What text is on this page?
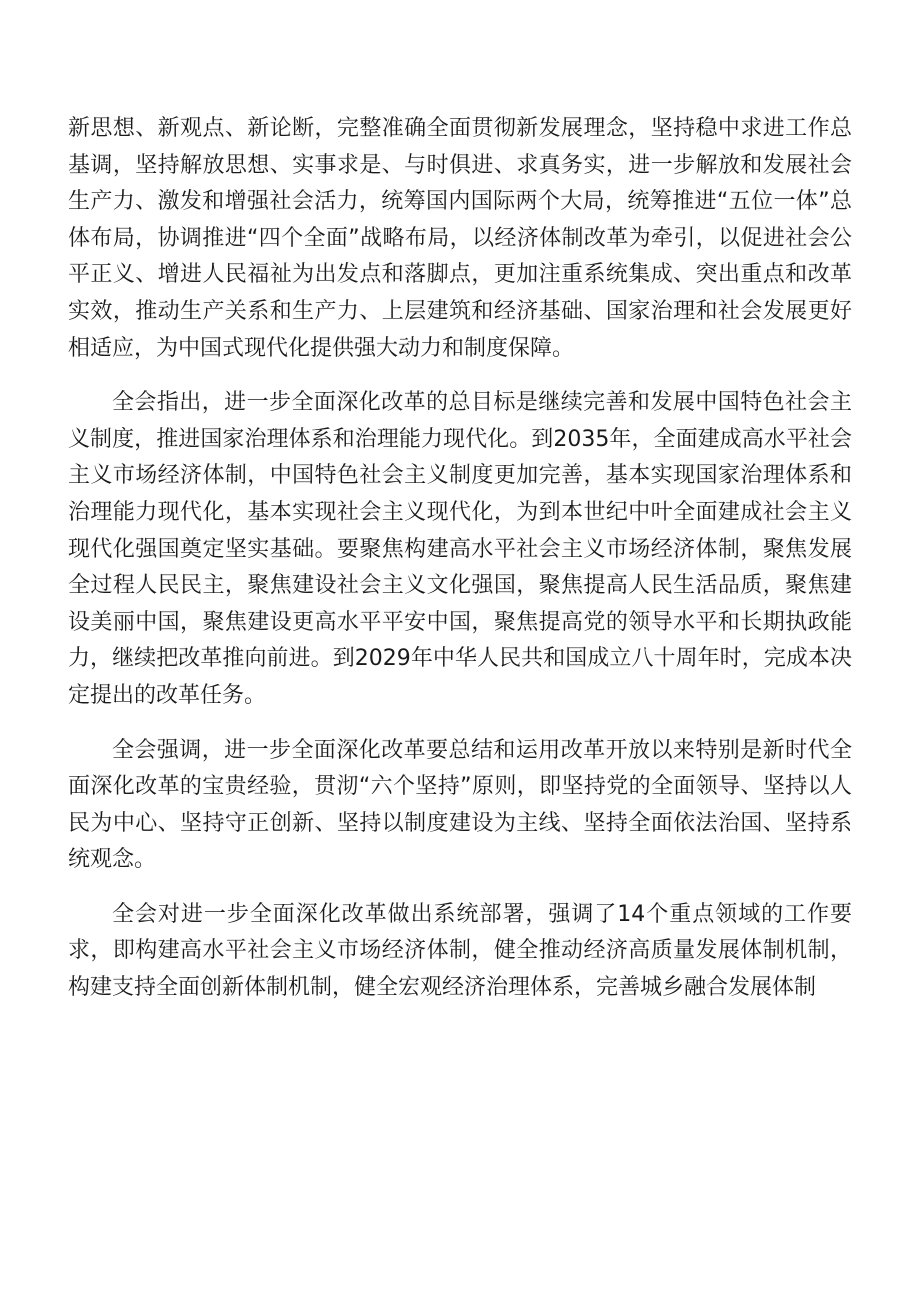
新思想、新观点、新论断，完整准确全面贯彻新发展理念，坚持稳中求进工作总基调，坚持解放思想、实事求是、与时俱进、求真务实，进一步解放和发展社会生产力、激发和增强社会活力，统筹国内国际两个大局，统筹推进“五位一体”总体布局，协调推进“四个全面”战略布局，以经济体制改革为牵引，以促进社会公平正义、增进人民福祉为出发点和落脚点，更加注重系统集成、突出重点和改革实效，推动生产关系和生产力、上层建筑和经济基础、国家治理和社会发展更好相适应，为中国式现代化提供强大动力和制度保障。

全会指出，进一步全面深化改革的总目标是继续完善和发展中国特色社会主义制度，推进国家治理体系和治理能力现代化。到2035年，全面建成高水平社会主义市场经济体制，中国特色社会主义制度更加完善，基本实现国家治理体系和治理能力现代化，基本实现社会主义现代化，为到本世纪中叶全面建成社会主义现代化强国奠定坚实基础。要聚焦构建高水平社会主义市场经济体制，聚焦发展全过程人民民主，聚焦建设社会主义文化强国，聚焦提高人民生活品质，聚焦建设美丽中国，聚焦建设更高水平平安中国，聚焦提高党的领导水平和长期执政能力，继续把改革推向前进。到2029年中华人民共和国成立八十周年时，完成本决定提出的改革任务。

全会强调，进一步全面深化改革要总结和运用改革开放以来特别是新时代全面深化改革的宝贵经验，贯沏“六个坚持”原则，即坚持党的全面领导、坚持以人民为中心、坚持守正创新、坚持以制度建设为主线、坚持全面依法治国、坚持系统观念。

全会对进一步全面深化改革做出系统部署，强调了14个重点领域的工作要求，即构建高水平社会主义市场经济体制，健全推动经济高质量发展体制机制，构建支持全面创新体制机制，健全宏观经济治理体系，完善城乡融合发展体制
